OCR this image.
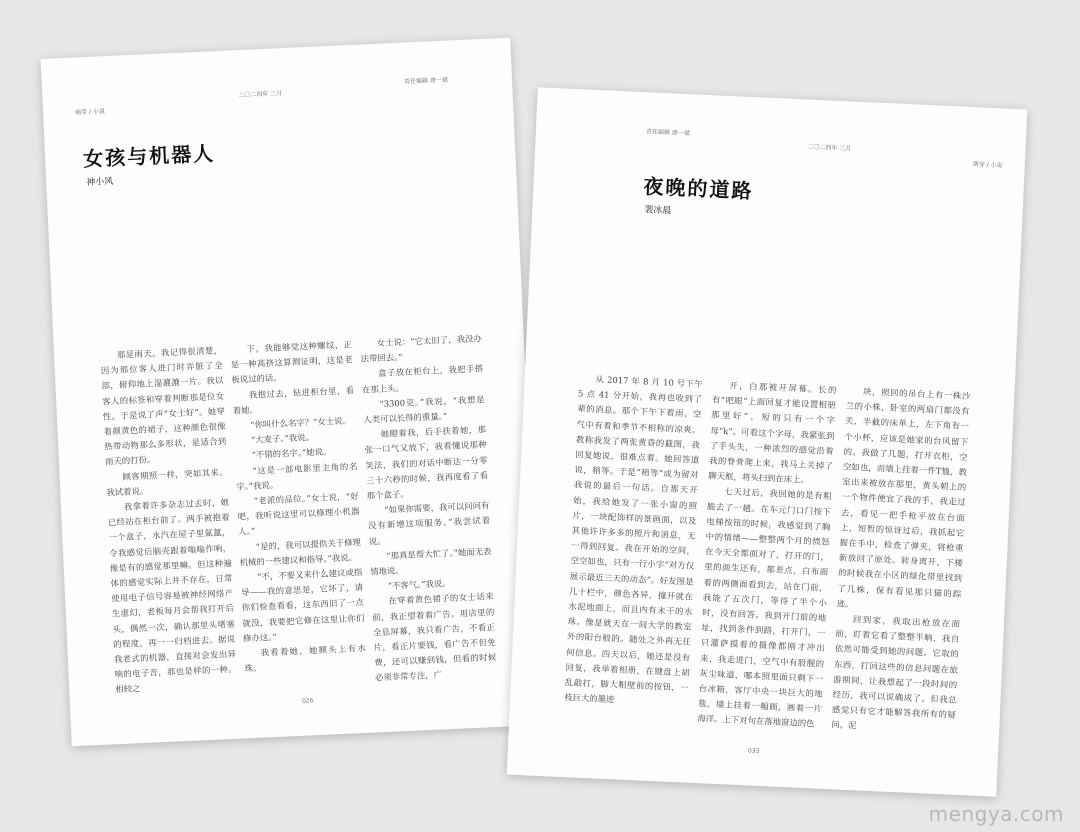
萌芽 / 小说
二〇二四年 三月
责任编辑 唐一斌
女孩与机器人
神小风

那是雨天。我记得很清楚，因为那位客人进门时弄脏了全部，俯仰地上湿漉漉一片。我以客人的标签和穿着判断那是位女性，于是说了声“女士好”。她穿着颜黄色的裙子，这种颜色很像热带动物那么多形状，是适合到雨天的打扮。

顾客期照一样，突如其来。我试着说。

我拿着许多杂志过去时，她已经站在柜台前了。两手被抱着一个盒子，水汽在屋子里氤氲，令我感觉后脑壳跟着嗡嗡作响，像是有的感觉那里嘛。但这种遍体的感觉实际上并不存在，日常使用电子信号容易被神经网络产生虚幻，老板每月会帮我打开后头，偶然一次，确认那里头堵塞的程度，再一一归档进去。据说我老式的机器，直接对会发出异响的电子音，那也是样的一种。相较之

下，我能够觉这种螺纹，正是一种高挤这算测证明，这是老板说过的话。

我抱过去，钻进柜台里，看着她。

“你叫什么名字？”女士说。

“大麦子。”我说。

“不错的名字。”她说。

“这是一部电影里主角的名字。”我说。

“老派的品位。”女士说，“好吧，我听说这里可以修理小机器人。”

“是的，我可以提供关于修理机械的一些建议和指导。”我说。

“不，不要又来什么建议或指导——我的意思是，它坏了，请你们检查看看，这东西旧了一点就没，我要把它修在这里让你们修办这。”

我看着她，她额头上有水珠。

女士说：“它太旧了，我没办法带回去。”

盒子放在柜台上，我把手搭在那上头。

“3300克。”我说，“我想是人类可以长得的重量。”

她瞪着我，后手扶着她，那张一口气又放下，我看懂说那种笑法，我们的对话中断达一分零三十六秒的时候，我再度看了看那个盒子。

“如果你需要，我可以问问有没有新增这项服务。”我尝试着说。

“那真是帮大忙了。”她面无表情地说。

“不客气。”我说。

在穿着黄色裙子的女士话来前，我正望着着广告。用店里的全息屏幕，我只看广告，不看正片，看正片要钱，看广告不但免费，还可以赚到钱，但看的时候必须非常专注，广

026
责任编辑 唐一斌
二〇二四年 三月
萌芽 / 小说
夜晚的道路
裴冰晨

从 2017 年 8 月 10 号下午 5 点 41 分开始，我再也收到了辈的消息。那个下午下着雨，空气中有着和季节不相称的凉爽。教称我发了两张黄昏的截图，我回复她说，很难点着。她回答道说，稍等。于是“稍等”成为留对我说的最后一句话。自那天开始，我给她发了一张小窗的照片，一块配饰样的景画面，以及其他许许多多的照片和消息，无一得到回复。我在开始的空间，空空如也，只有一行小字“对方仅展示最近三天的动态”。好友图是几十栏中，颜色各异，撞开就在水泥地面上，而且内有未干的水珠。像是就天在一间大学的教室外的阳台般的。随处之外再无任何信息。四天以后，她还是没有回复，我举着相册，在键盘上胡乱敲打，脚大粗壁前的按钮，一枝巨大的墨迹

开，白那被开屏幕。长的有“吧眼”上面回复才能设置相册那里好”，短的只有一个字母“k”。可看这个字母，我紧张到了手头失，一种浓烈的感觉沿着我的脊骨爬上来，我马上关掉了聊天框，将头扫到在床上。

七天过后，我回她的是有粗脆去了一趟。在车元门口门按下电梯按钮的时候，我感觉到了胸中的情绪——整整两个月的愤怒在今天全都面对了，打开的门，里的面生还有，都差点，白布面着的两侧面看到去，站在门前，我能了五次门，等待了半个小时，没有回答。我到开门前的地址，找到条件到路，打开门，一只灌萨摸着的摄像都刚才冲出来，我走进门，空气中有股腥的灰尘味道，哪本照里面只剩下一台冰箱，客厅中央一块巨大的地毯，墙上挂着一幅画，画着一片海洋。上下对句在落地窗边的色

块，照回的吊台上有一株沙兰的小株，卧室的两扇门都没有关，半截的床单上，左下角有一个小杯，应该是她家的台风留下的。我做了几题，打开衣柜，空空如也，而墙上挂着一件T恤，教室出来被放在那里，黄头朝上的一个物件便宜了我的手，我走过去，看见一把手枪平放在台面上，短暂的惊讶过后，我抓起它握在手中，检查了弹夹，将枪重新放回了原处。转身离开，下楼的时候我在小区的绿化带里找到了几株，保有看见那只猫的踪迹。

回到家，我取出枪放在面前，盯着它看了整整半晌，我自依然可能受到她的问题。它取的东西，打回这些的信息问题在旅游期间，让我想起了一段时间的经历，我可以说确成了。但我总感觉只有它才能解答我所有的疑问。泥

033
mengya.com
